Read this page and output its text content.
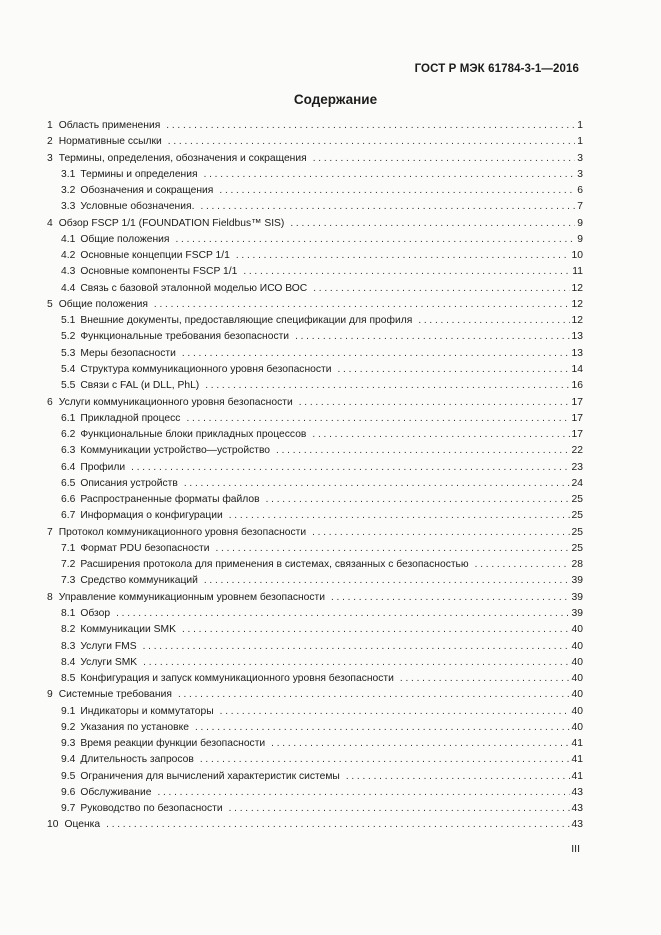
ГОСТ Р МЭК 61784-3-1—2016
Содержание
1 Область применения . . .	1
2 Нормативные ссылки . . .	1
3 Термины, определения, обозначения и сокращения . . .	3
3.1 Термины и определения . . .	3
3.2 Обозначения и сокращения . . .	6
3.3 Условные обозначения. . . .	7
4 Обзор FSCP 1/1 (FOUNDATION Fieldbus™ SIS) . . .	9
4.1 Общие положения . . .	9
4.2 Основные концепции FSCP 1/1 . . .	10
4.3 Основные компоненты FSCP 1/1 . . .	11
4.4 Связь с базовой эталонной моделью ИСО ВОС . . .	12
5 Общие положения . . .	12
5.1 Внешние документы, предоставляющие спецификации для профиля . . .	12
5.2 Функциональные требования безопасности . . .	13
5.3 Меры безопасности . . .	13
5.4 Структура коммуникационного уровня безопасности . . .	14
5.5 Связи с FAL (и DLL, PhL) . . .	16
6 Услуги коммуникационного уровня безопасности . . .	17
6.1 Прикладной процесс . . .	17
6.2 Функциональные блоки прикладных процессов . . .	17
6.3 Коммуникации устройство—устройство . . .	22
6.4 Профили . . .	23
6.5 Описания устройств . . .	24
6.6 Распространенные форматы файлов . . .	25
6.7 Информация о конфигурации . . .	25
7 Протокол коммуникационного уровня безопасности . . .	25
7.1 Формат PDU безопасности . . .	25
7.2 Расширения протокола для применения в системах, связанных с безопасностью . . .	28
7.3 Средство коммуникаций . . .	39
8 Управление коммуникационным уровнем безопасности . . .	39
8.1 Обзор . . .	39
8.2 Коммуникации SMK . . .	40
8.3 Услуги FMS . . .	40
8.4 Услуги SMK . . .	40
8.5 Конфигурация и запуск коммуникационного уровня безопасности . . .	40
9 Системные требования . . .	40
9.1 Индикаторы и коммутаторы . . .	40
9.2 Указания по установке . . .	40
9.3 Время реакции функции безопасности . . .	41
9.4 Длительность запросов . . .	41
9.5 Ограничения для вычислений характеристик системы . . .	41
9.6 Обслуживание . . .	43
9.7 Руководство по безопасности . . .	43
10 Оценка . . .	43
III
